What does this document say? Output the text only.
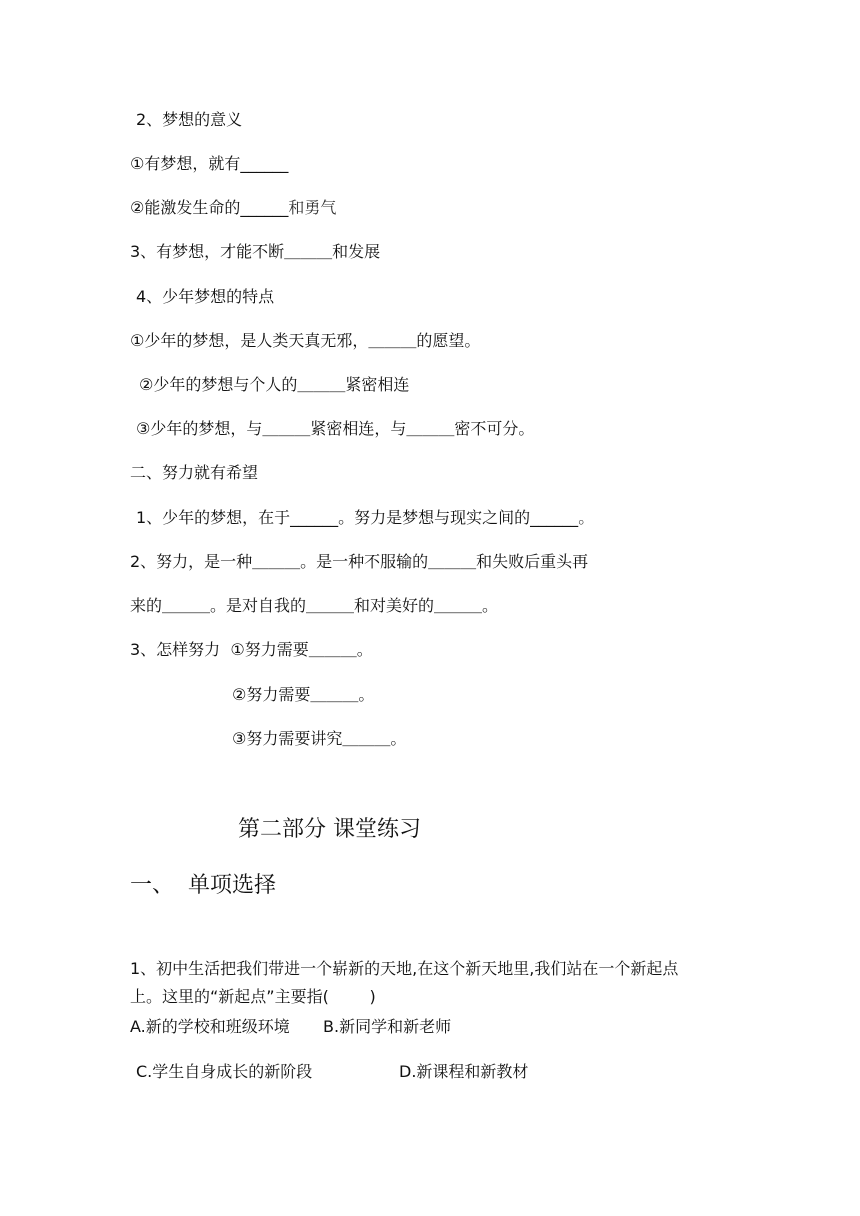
2、梦想的意义
①有梦想，就有______
②能激发生命的______和勇气
3、有梦想，才能不断＿＿＿和发展
4、少年梦想的特点
①少年的梦想，是人类天真无邪，＿＿＿的愿望。
②少年的梦想与个人的＿＿＿紧密相连
③少年的梦想，与＿＿＿紧密相连，与＿＿＿密不可分。
二、努力就有希望
1、少年的梦想，在于______。努力是梦想与现实之间的______。
2、努力，是一种＿＿＿。是一种不服输的＿＿＿和失败后重头再
来的＿＿＿。是对自我的＿＿＿和对美好的＿＿＿。
3、怎样努力  ①努力需要＿＿＿。
②努力需要＿＿＿。
③努力需要讲究＿＿＿。
第二部分 课堂练习
一、  单项选择
1、初中生活把我们带进一个崭新的天地,在这个新天地里,我们站在一个新起点
上。这里的“新起点”主要指(        )
A.新的学校和班级环境 B.新同学和新老师
C.学生自身成长的新阶段	D.新课程和新教材
